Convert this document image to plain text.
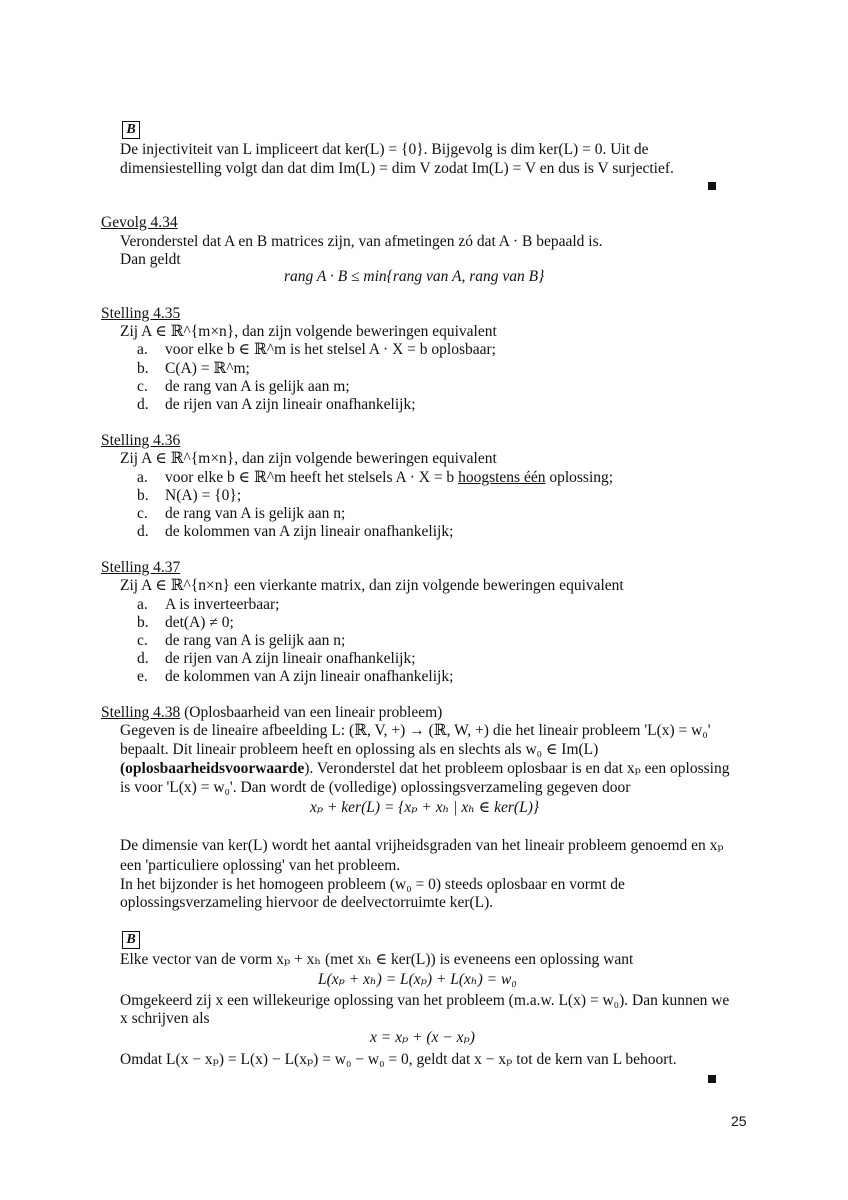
B
De injectiviteit van L impliceert dat ker(L) = {0}. Bijgevolg is dim ker(L) = 0. Uit de
dimensiestelling volgt dan dat dim Im(L) = dim V zodat Im(L) = V en dus is V surjectief.
Gevolg 4.34
Veronderstel dat A en B matrices zijn, van afmetingen zó dat A · B bepaald is.
Dan geldt
rang A · B ≤ min{rang van A, rang van B}
Stelling 4.35
Zij A ∈ ℝ^{m×n}, dan zijn volgende beweringen equivalent
a. voor elke b ∈ ℝ^m is het stelsel A · X = b oplosbaar;
b. C(A) = ℝ^m;
c. de rang van A is gelijk aan m;
d. de rijen van A zijn lineair onafhankelijk;
Stelling 4.36
Zij A ∈ ℝ^{m×n}, dan zijn volgende beweringen equivalent
a. voor elke b ∈ ℝ^m heeft het stelsels A · X = b hoogstens één oplossing;
b. N(A) = {0};
c. de rang van A is gelijk aan n;
d. de kolommen van A zijn lineair onafhankelijk;
Stelling 4.37
Zij A ∈ ℝ^{n×n} een vierkante matrix, dan zijn volgende beweringen equivalent
a. A is inverteerbaar;
b. det(A) ≠ 0;
c. de rang van A is gelijk aan n;
d. de rijen van A zijn lineair onafhankelijk;
e. de kolommen van A zijn lineair onafhankelijk;
Stelling 4.38 (Oplosbaarheid van een lineair probleem)
Gegeven is de lineaire afbeelding L: (ℝ, V, +) → (ℝ, W, +) die het lineair probleem 'L(x) = w₀'
bepaalt. Dit lineair probleem heeft en oplossing als en slechts als w₀ ∈ Im(L)
(oplosbaarheidsvoorwaarde). Veronderstel dat het probleem oplosbaar is en dat xₚ een oplossing
is voor 'L(x) = w₀'. Dan wordt de (volledige) oplossingsverzameling gegeven door
xₚ + ker(L) = {xₚ + xₕ | xₕ ∈ ker(L)}
De dimensie van ker(L) wordt het aantal vrijheidsgraden van het lineair probleem genoemd en xₚ
een 'particuliere oplossing' van het probleem.
In het bijzonder is het homogeen probleem (w₀ = 0) steeds oplosbaar en vormt de
oplossingsverzameling hiervoor de deelvectorruimte ker(L).
B
Elke vector van de vorm xₚ + xₕ (met xₕ ∈ ker(L)) is eveneens een oplossing want
L(xₚ + xₕ) = L(xₚ) + L(xₕ) = w₀
Omgekeerd zij x een willekeurige oplossing van het probleem (m.a.w. L(x) = w₀). Dan kunnen we
x schrijven als
x = xₚ + (x − xₚ)
Omdat L(x − xₚ) = L(x) − L(xₚ) = w₀ − w₀ = 0, geldt dat x − xₚ tot de kern van L behoort.
25
